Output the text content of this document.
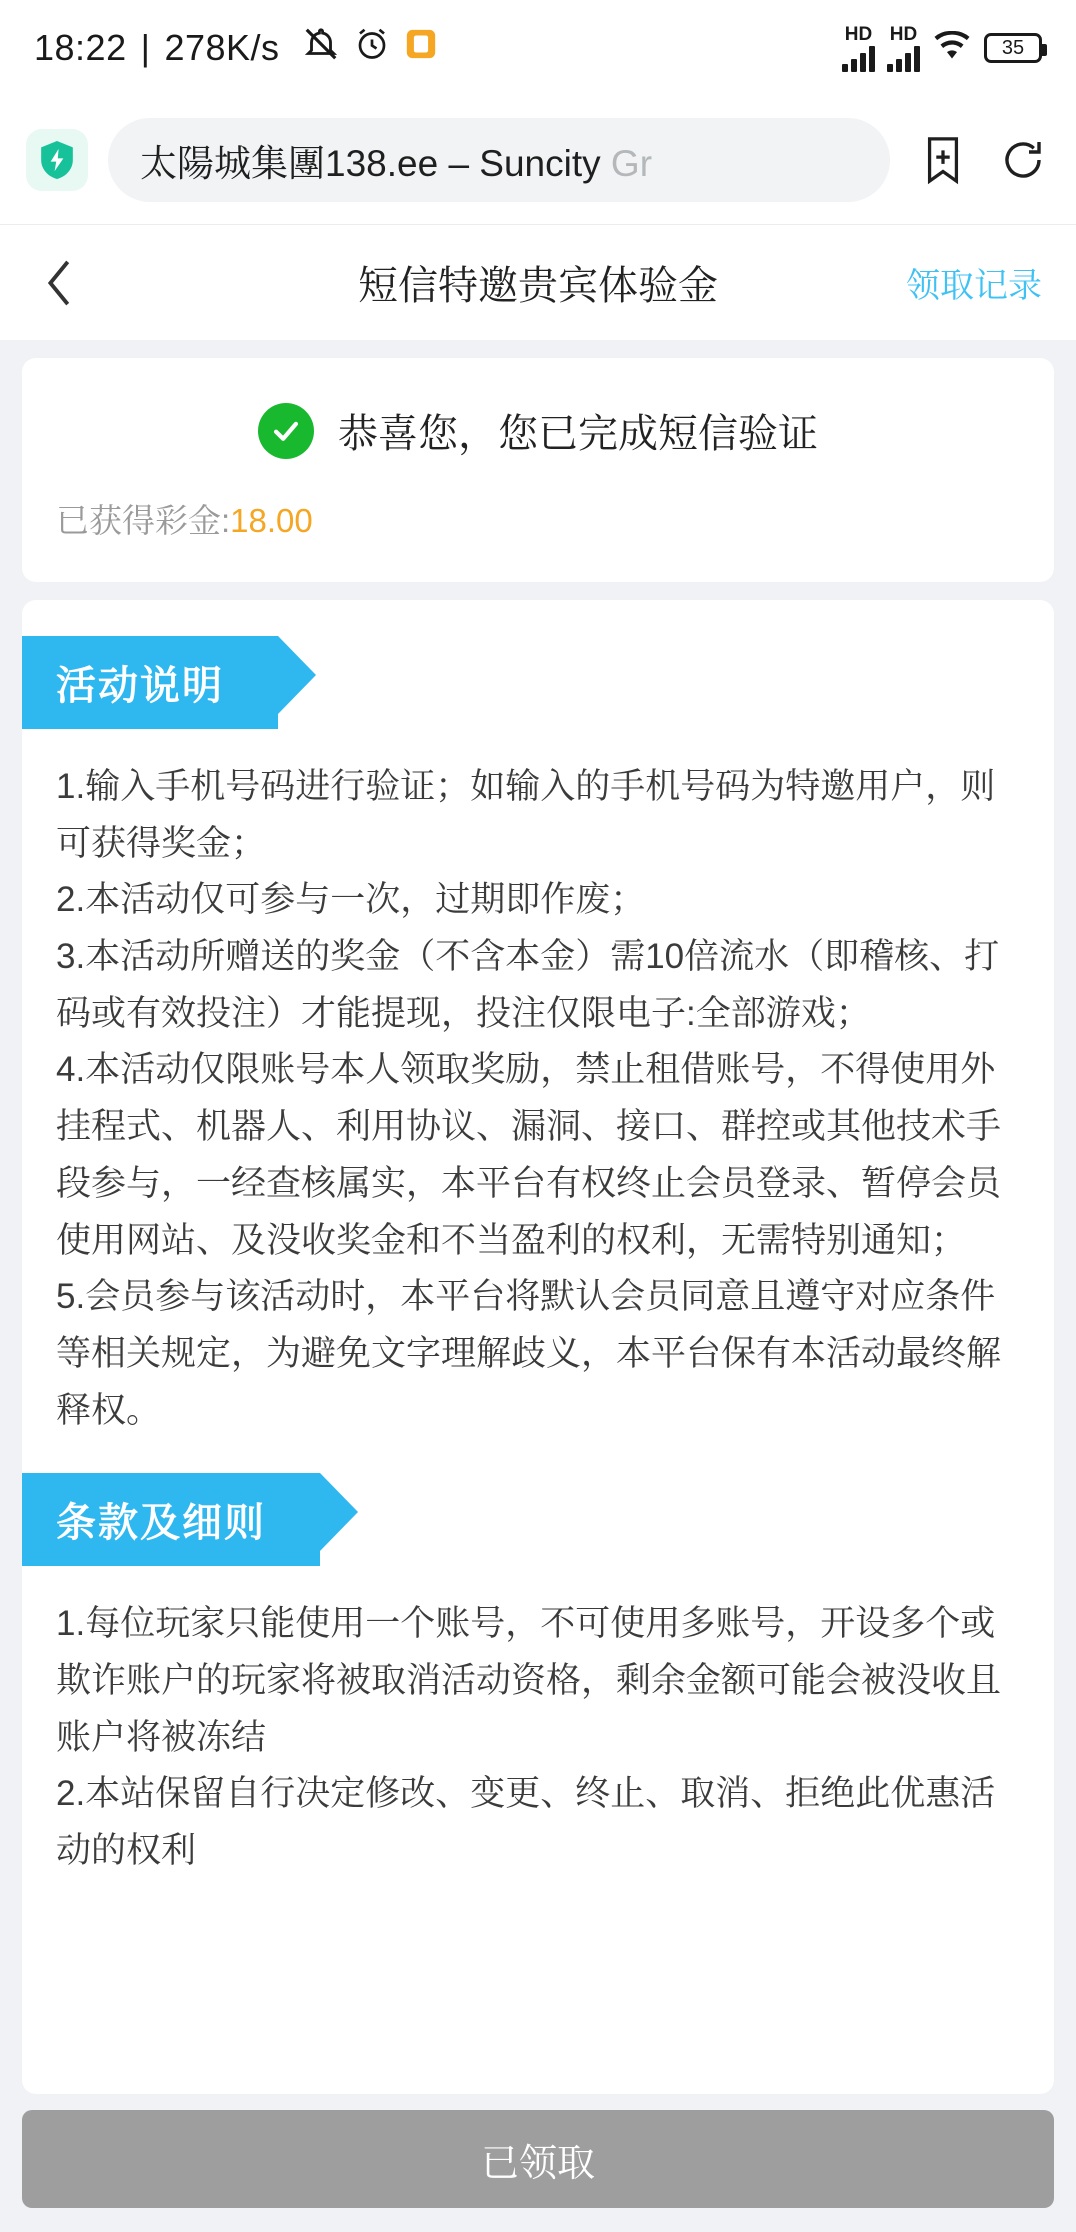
18:22 | 278K/s	HD HD
35
太陽城集團138.ee – Suncity Gr
短信特邀贵宾体验金	领取记录
恭喜您，您已完成短信验证
已获得彩金:18.00
活动说明

1.输入手机号码进行验证；如输入的手机号码为特邀用户，则可获得奖金；

2.本活动仅可参与一次，过期即作废；

3.本活动所赠送的奖金（不含本金）需10倍流水（即稽核、打码或有效投注）才能提现，投注仅限电子:全部游戏；

4.本活动仅限账号本人领取奖励，禁止租借账号，不得使用外挂程式、机器人、利用协议、漏洞、接口、群控或其他技术手段参与，一经查核属实，本平台有权终止会员登录、暂停会员使用网站、及没收奖金和不当盈利的权利，无需特别通知；

5.会员参与该活动时，本平台将默认会员同意且遵守对应条件等相关规定，为避免文字理解歧义，本平台保有本活动最终解释权。

条款及细则

1.每位玩家只能使用一个账号，不可使用多账号，开设多个或欺诈账户的玩家将被取消活动资格，剩余金额可能会被没收且账户将被冻结

2.本站保留自行决定修改、变更、终止、取消、拒绝此优惠活动的权利

已领取
